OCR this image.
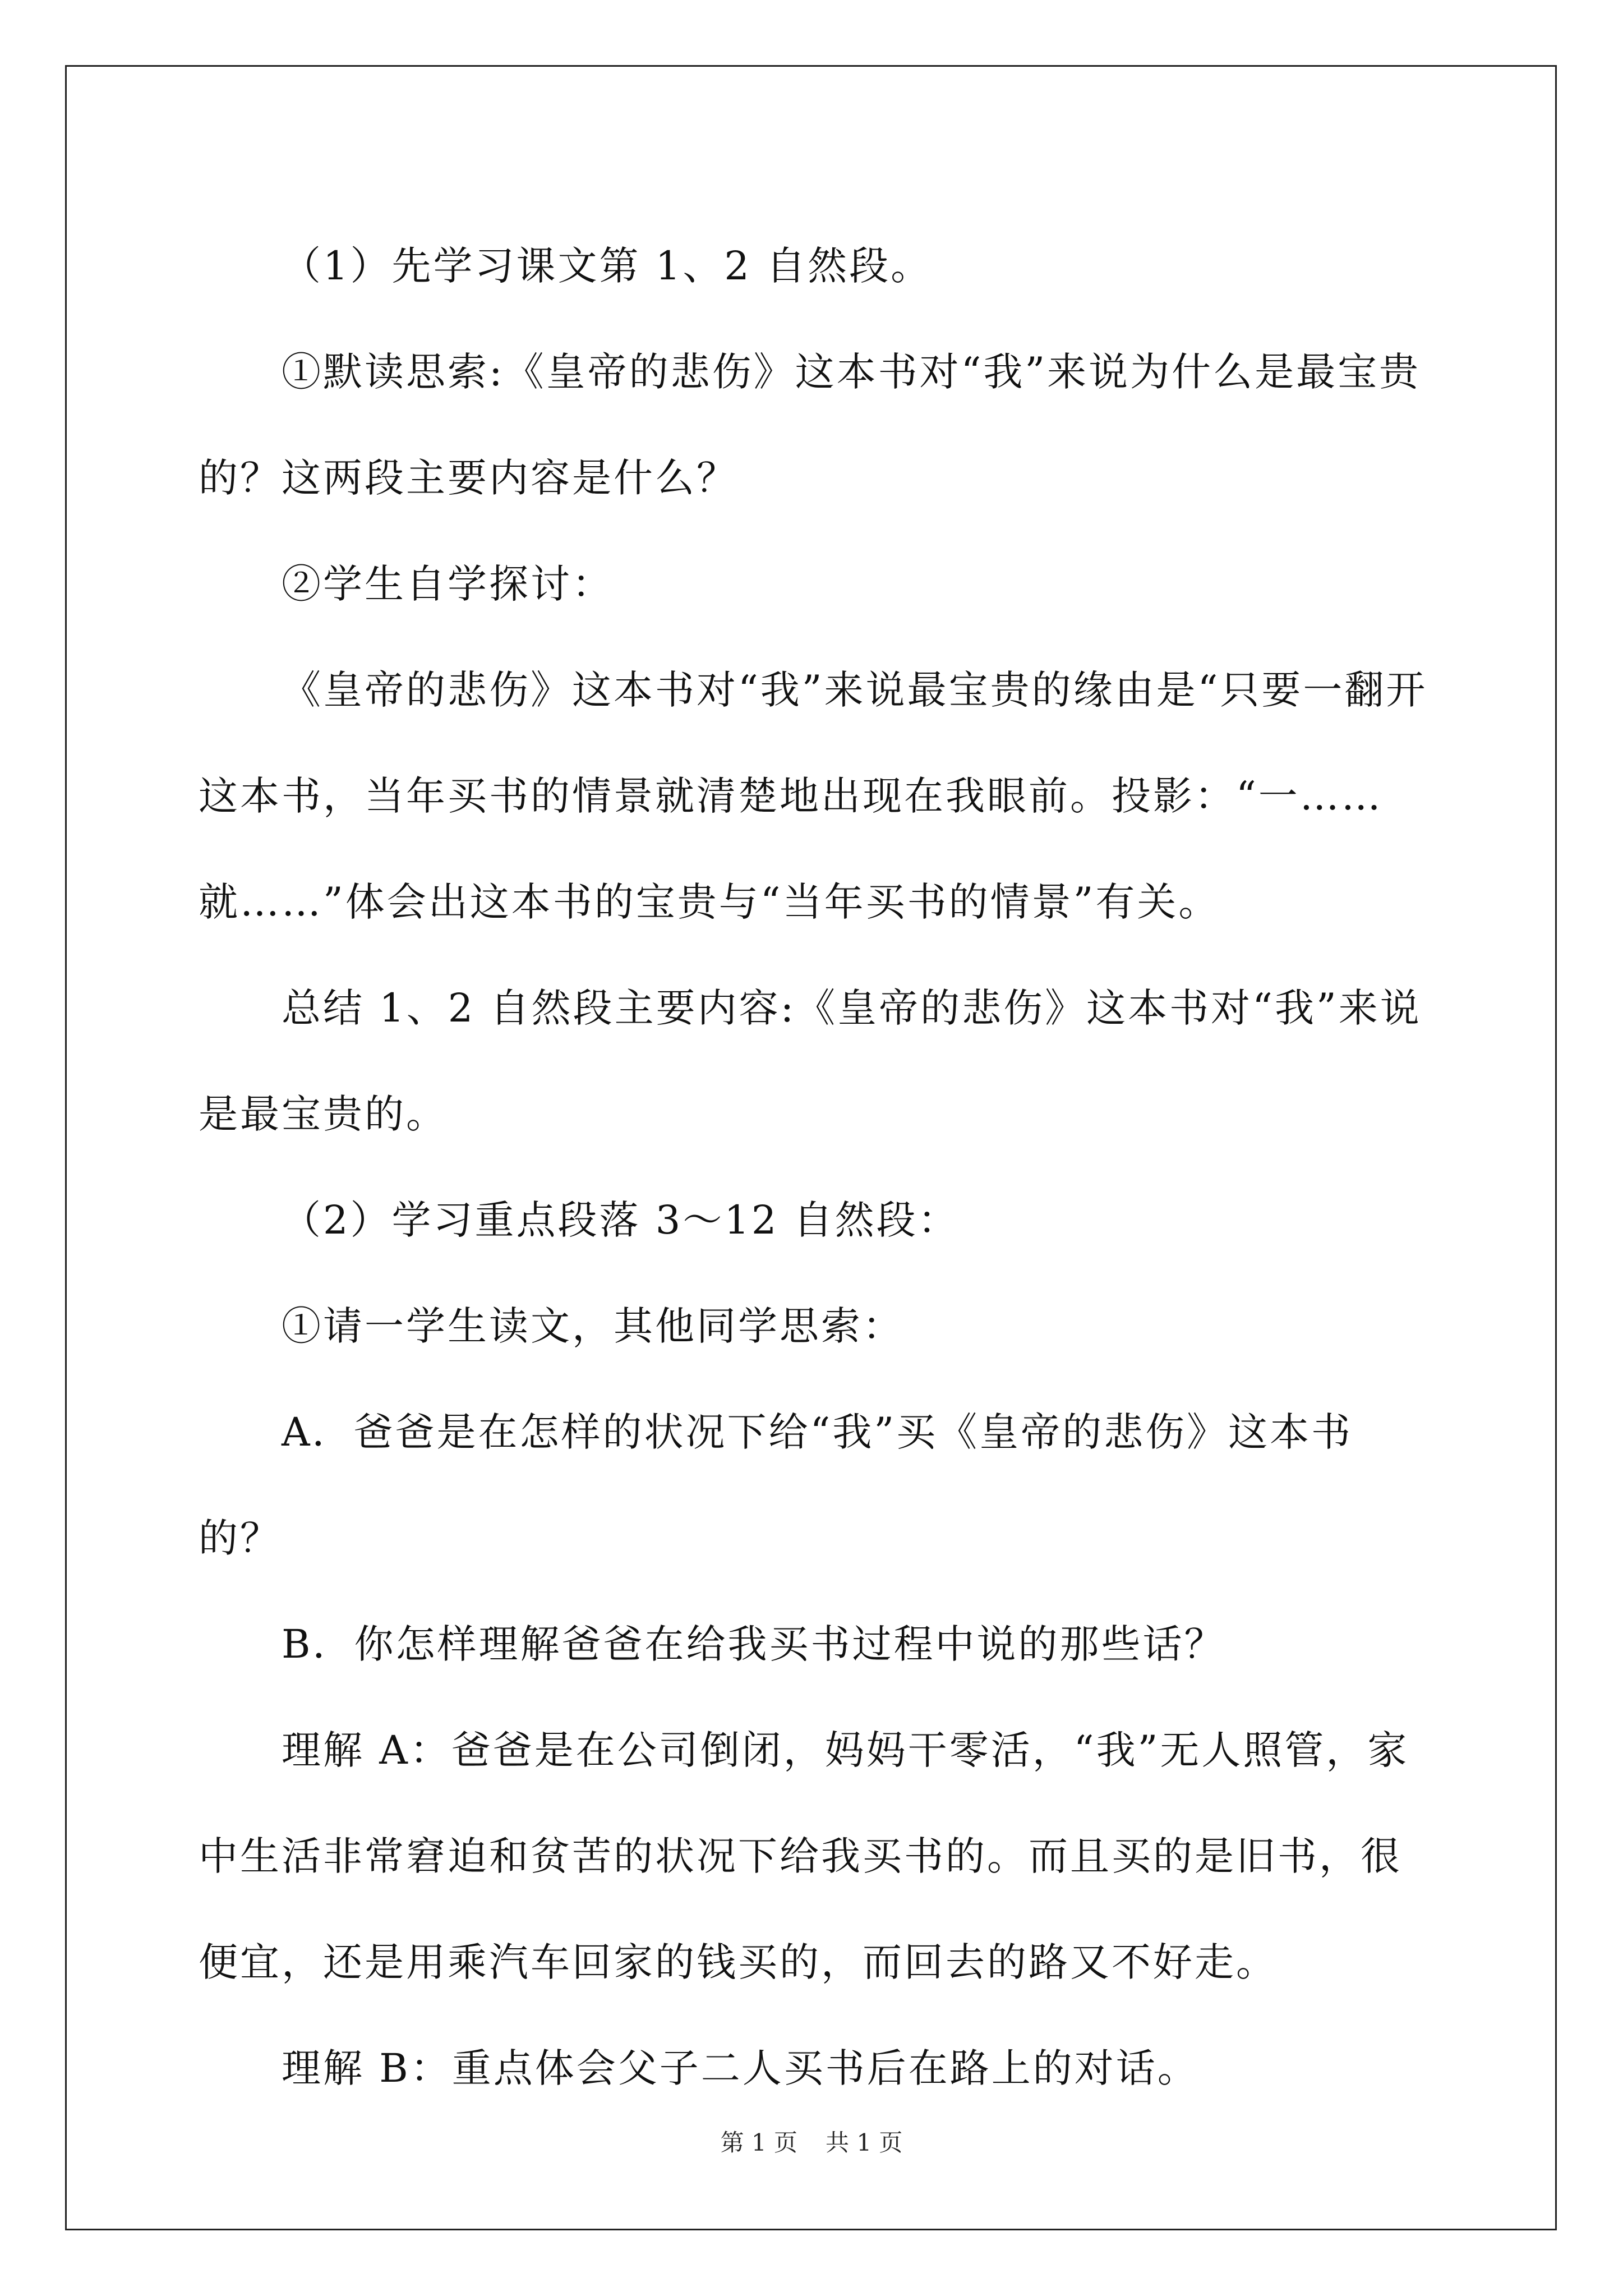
（1）先学习课文第 1、2 自然段。

①默读思索:《皇帝的悲伤》这本书对“我”来说为什么是最宝贵的？这两段主要内容是什么？

②学生自学探讨：

《皇帝的悲伤》这本书对“我”来说最宝贵的缘由是“只要一翻开这本书，当年买书的情景就清楚地出现在我眼前。投影：“一……就……”体会出这本书的宝贵与“当年买书的情景”有关。

总结 1、2 自然段主要内容:《皇帝的悲伤》这本书对“我”来说是最宝贵的。

（2）学习重点段落 3～12 自然段：

①请一学生读文，其他同学思索：

A．爸爸是在怎样的状况下给“我”买《皇帝的悲伤》这本书的？

B．你怎样理解爸爸在给我买书过程中说的那些话？

理解 A：爸爸是在公司倒闭，妈妈干零活，“我”无人照管，家中生活非常窘迫和贫苦的状况下给我买书的。而且买的是旧书，很便宜，还是用乘汽车回家的钱买的，而回去的路又不好走。

理解 B：重点体会父子二人买书后在路上的对话。

第 1 页 共 1 页
